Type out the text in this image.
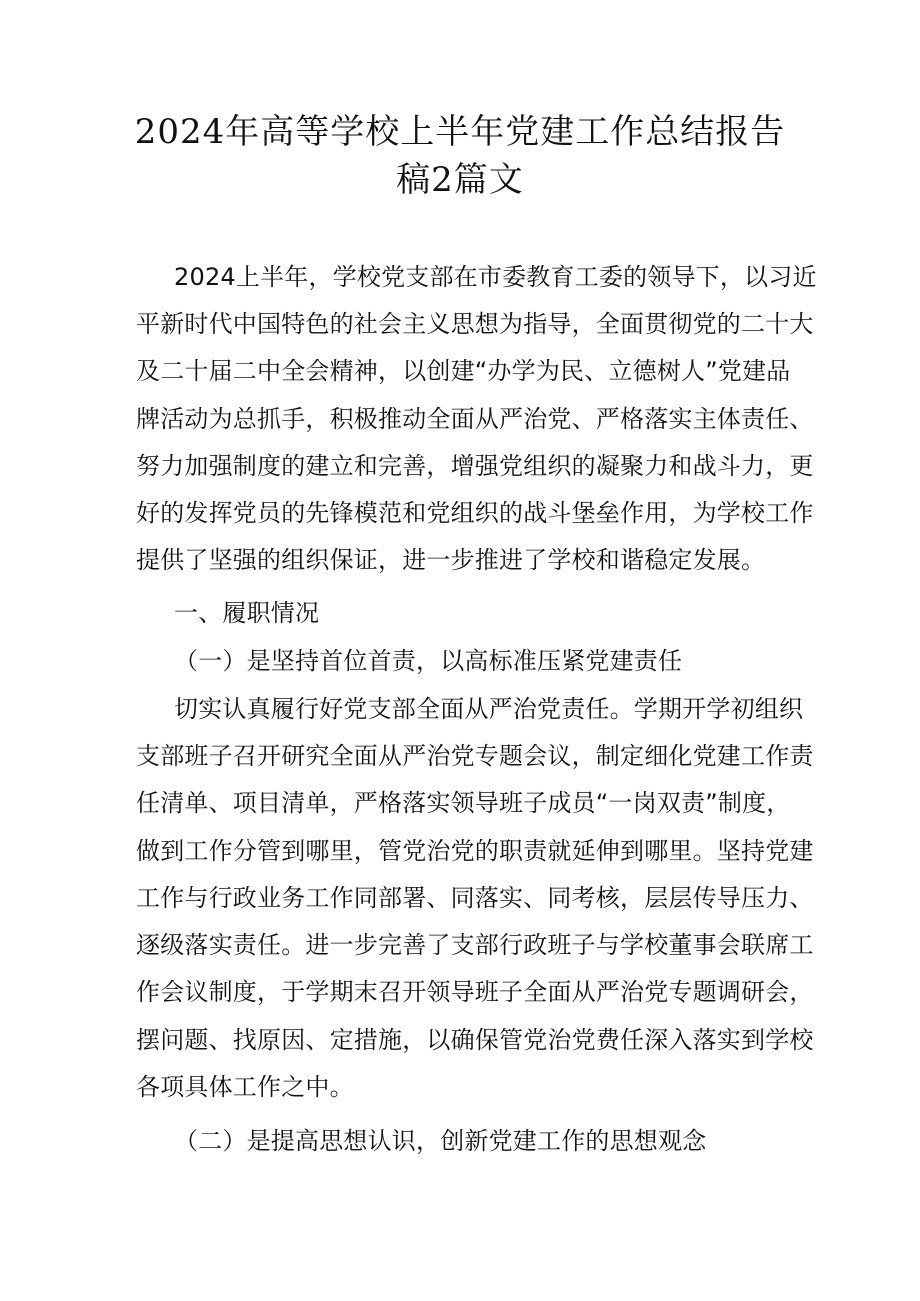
2024年高等学校上半年党建工作总结报告
稿2篇文
2024上半年，学校党支部在市委教育工委的领导下，以习近
平新时代中国特色的社会主义思想为指导，全面贯彻党的二十大
及二十届二中全会精神，以创建“办学为民、立德树人”党建品
牌活动为总抓手，积极推动全面从严治党、严格落实主体责任、
努力加强制度的建立和完善，增强党组织的凝聚力和战斗力，更
好的发挥党员的先锋模范和党组织的战斗堡垒作用，为学校工作
提供了坚强的组织保证，进一步推进了学校和谐稳定发展。
一、履职情况
（一）是坚持首位首责，以高标准压紧党建责任
切实认真履行好党支部全面从严治党责任。学期开学初组织
支部班子召开研究全面从严治党专题会议，制定细化党建工作责
任清单、项目清单，严格落实领导班子成员“一岗双责”制度，
做到工作分管到哪里，管党治党的职责就延伸到哪里。坚持党建
工作与行政业务工作同部署、同落实、同考核，层层传导压力、
逐级落实责任。进一步完善了支部行政班子与学校董事会联席工
作会议制度，于学期末召开领导班子全面从严治党专题调研会，
摆问题、找原因、定措施，以确保管党治党费任深入落实到学校
各项具体工作之中。
（二）是提高思想认识，创新党建工作的思想观念
